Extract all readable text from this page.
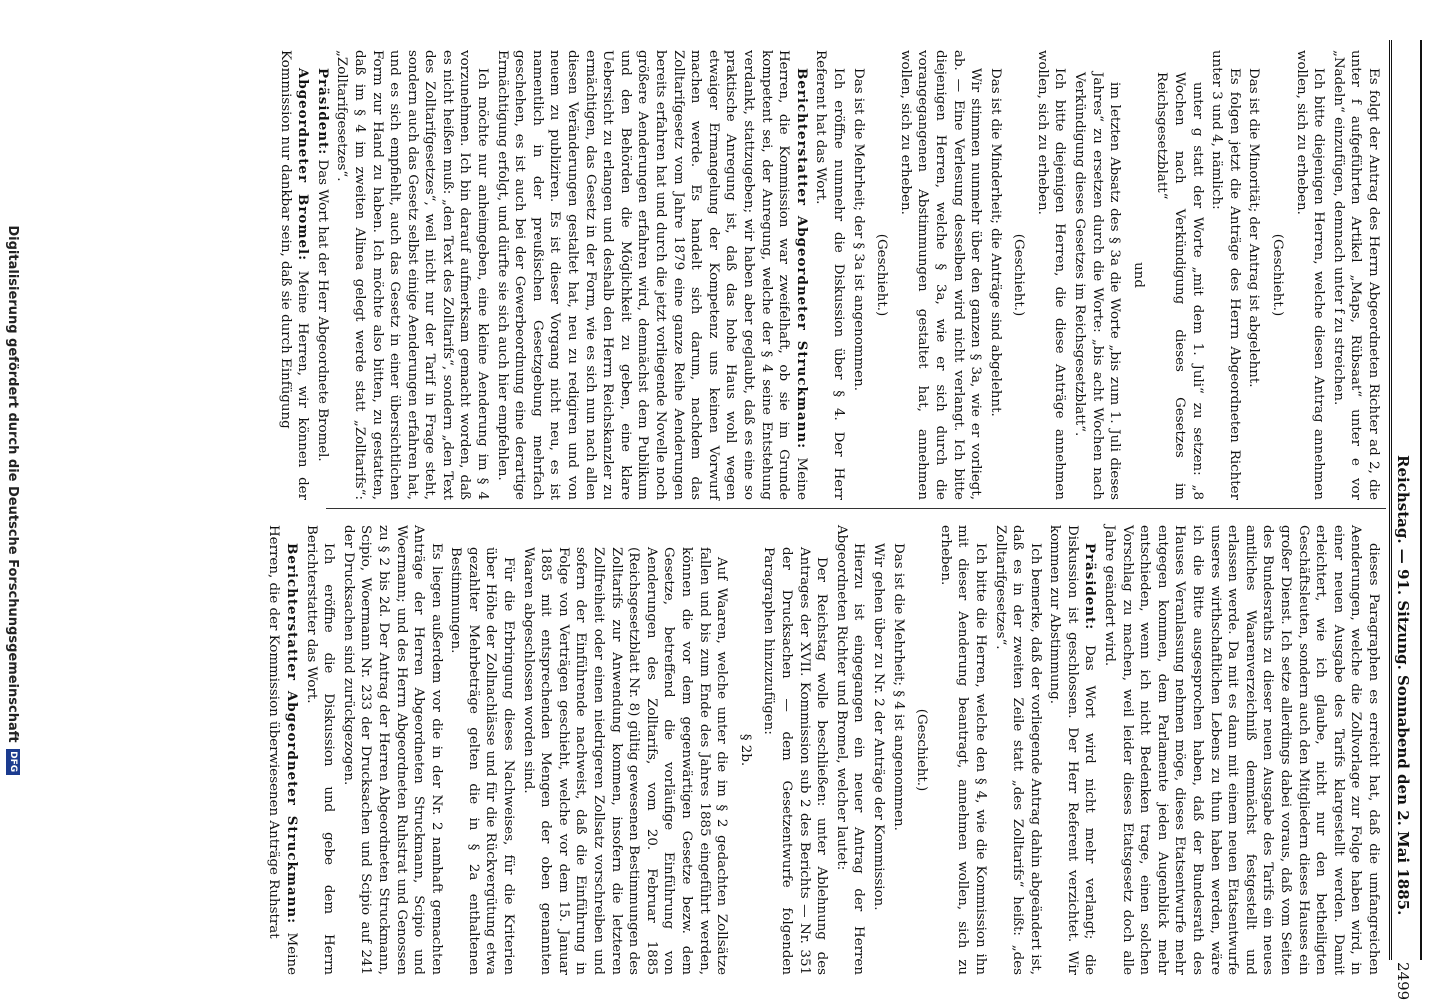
Reichstag. — 91. Sitzung. Sonnabend den 2. Mai 1885.
2499

Es folgt der Antrag des Herrn Abgeordneten Richter ad 2, die unter f aufgeführten Artikel „Maps, Rübsaat“ unter e vor „Nadeln“ einzufügen, demnach unter f zu streichen.

Ich bitte diejenigen Herren, welche diesen Antrag annehmen wollen, sich zu erheben.

(Geschieht.)

Das ist die Minorität; der Antrag ist abgelehnt.

Es folgen jetzt die Anträge des Herrn Abgeordneten Richter unter 3 und 4, nämlich:

unter g statt der Worte „mit dem 1. Juli“ zu setzen: „8 Wochen nach Verkündigung dieses Gesetzes im Reichsgesetzblatt“

und

im letzten Absatz des § 3a die Worte „bis zum 1. Juli dieses Jahres“ zu ersetzen durch die Worte: „bis acht Wochen nach Verkündigung dieses Gesetzes im Reichsgesetzblatt“.

Ich bitte diejenigen Herren, die diese Anträge annehmen wollen, sich zu erheben.

(Geschieht.)

Das ist die Minderheit; die Anträge sind abgelehnt.

Wir stimmen nunmehr über den ganzen § 3a, wie er vorliegt, ab. — Eine Verlesung desselben wird nicht verlangt. Ich bitte diejenigen Herren, welche § 3a, wie er sich durch die vorangegangenen Abstimmungen gestaltet hat, annehmen wollen, sich zu erheben.

(Geschieht.)

Das ist die Mehrheit; der § 3a ist angenommen.

Ich eröffne nunmehr die Diskussion über § 4. Der Herr Referent hat das Wort.

Berichterstatter Abgeordneter Struckmann: Meine Herren, die Kommission war zweifelhaft, ob sie im Grunde kompetent sei, der Anregung, welche der § 4 seine Entstehung verdankt, stattzugeben; wir haben aber geglaubt, daß es eine so praktische Anregung ist, daß das hohe Haus wohl wegen etwaiger Ermangelung der Kompetenz uns keinen Vorwurf machen werde. Es handelt sich darum, nachdem das Zolltarifgesetz vom Jahre 1879 eine ganze Reihe Aenderungen bereits erfahren hat und durch die jetzt vorliegende Novelle noch größere Aenderungen erfahren wird, demnächst dem Publikum und den Behörden die Möglichkeit zu geben, eine klare Uebersicht zu erlangen und deshalb den Herrn Reichskanzler zu ermächtigen, das Gesetz in der Form, wie es sich nun nach allen diesen Veränderungen gestaltet hat, neu zu redigiren und von neuem zu publiziren. Es ist dieser Vorgang nicht neu, es ist namentlich in der preußischen Gesetzgebung mehrfach geschehen, es ist auch bei der Gewerbeordnung eine derartige Ermächtigung erfolgt, und dürfte sie sich auch hier empfehlen.

Ich möchte nur anheimgeben, eine kleine Aenderung im § 4 vorzunehmen. Ich bin darauf aufmerksam gemacht worden, daß es nicht heißen muß: „den Text des Zolltarifs“, sondern „den Text des Zolltarifgesetzes“, weil nicht nur der Tarif in Frage steht, sondern auch das Gesetz selbst einige Aenderungen erfahren hat, und es sich empfiehlt, auch das Gesetz in einer übersichtlichen Form zur Hand zu haben. Ich möchte also bitten, zu gestatten, daß im § 4 im zweiten Alinea gelegt werde statt „Zolltarifs“: „Zolltarifgesetzes“.

Präsident: Das Wort hat der Herr Abgeordnete Bromel.

Abgeordneter Bromel: Meine Herren, wir können der Kommission nur dankbar sein, daß sie durch Einfügung

dieses Paragraphen es erreicht hat, daß die umfangreichen Aenderungen, welche die Zollvorlage zur Folge haben wird, in einer neuen Ausgabe des Tarifs klargestellt werden. Damit erleichtert, wie ich glaube, nicht nur den betheiligten Geschäftsleuten, sondern auch den Mitgliedern dieses Hauses ein großer Dienst. Ich setze allerdings dabei voraus, daß vom Seiten des Bundesraths zu dieser neuen Ausgabe des Tarifs ein neues amtliches Waarenverzeichniß demnächst festgestellt und erlassen werde. Da mit es dann mit einem neuen Etatsentwurfe unseres wirthschaftlichen Lebens zu thun haben werden, wäre ich die Bitte ausgesprochen haben, daß der Bundesrath des Hauses Veranlassung nehmen möge, dieses Etatsentwurfe mehr entgegen kommen, dem Parlamente jeden Augenblick mehr entschieden, wenn ich nicht Bedenken trage, einen solchen Vorschlag zu machen, weil leider dieses Etatsgesetz doch alle Jahre geändert wird.

Präsident: Das Wort wird nicht mehr verlangt; die Diskussion ist geschlossen. Der Herr Referent verzichtet. Wir kommen zur Abstimmung.

Ich bemerke, daß der vorliegende Antrag dahin abgeändert ist, daß es in der zweiten Zeile statt „des Zolltarifs“ heißt: „des Zolltarifgesetzes“.

Ich bitte die Herren, welche den § 4, wie die Kommission ihn mit dieser Aenderung beantragt, annehmen wollen, sich zu erheben.

(Geschieht.)

Das ist die Mehrheit; § 4 ist angenommen.

Wir gehen über zu Nr. 2 der Anträge der Kommission.

Hierzu ist eingegangen ein neuer Antrag der Herren Abgeordneten Richter und Bromel, welcher lautet:

Der Reichstag wolle beschließen: unter Ablehnung des Antrages der XVII. Kommission sub 2 des Berichts — Nr. 351 der Drucksachen — dem Gesetzentwurfe folgenden Paragraphen hinzuzufügen:

§ 2b.

Auf Waaren, welche unter die im § 2 gedachten Zollsätze fallen und bis zum Ende des Jahres 1885 eingeführt werden, können die vor dem gegenwärtigen Gesetze bezw. dem Gesetze, betreffend die vorläufige Einführung von Aenderungen des Zolltarifs, vom 20. Februar 1885 (Reichsgesetzblatt Nr. 8) gültig gewesenen Bestimmungen des Zolltarifs zur Anwendung kommen, insofern die letzteren Zollfreiheit oder einen niedrigeren Zollsatz vorschreiben und sofern der Einführende nachweist, daß die Einführung in Folge von Verträgen geschieht, welche vor dem 15. Januar 1885 mit entsprechenden Mengen der oben genannten Waaren abgeschlossen worden sind.

Für die Erbringung dieses Nachweises, für die Kriterien über Höhe der Zollnachlässe und für die Rückvergütung etwa gezahlter Mehrbeträge gelten die in § 2a enthaltenen Bestimmungen.

Es liegen außerdem vor die in der Nr. 2 namhaft gemachten Anträge der Herren Abgeordneten Struckmann, Scipio und Woermann; und des Herrn Abgeordneten Ruhstrat und Genossen zu § 2 bis 2d. Der Antrag der Herren Abgeordneten Struckmann, Scipio, Woermann Nr. 233 der Drucksachen und Scipio auf 241 der Drucksachen sind zurückgezogen.

Ich eröffne die Diskussion und gebe dem Herrn Berichterstatter das Wort.

Berichterstatter Abgeordneter Struckmann: Meine Herren, die der Kommission überwiesenen Anträge Ruhstrat

Digitalisierung gefördert durch die Deutsche Forschungsgemeinschaft
DFG
